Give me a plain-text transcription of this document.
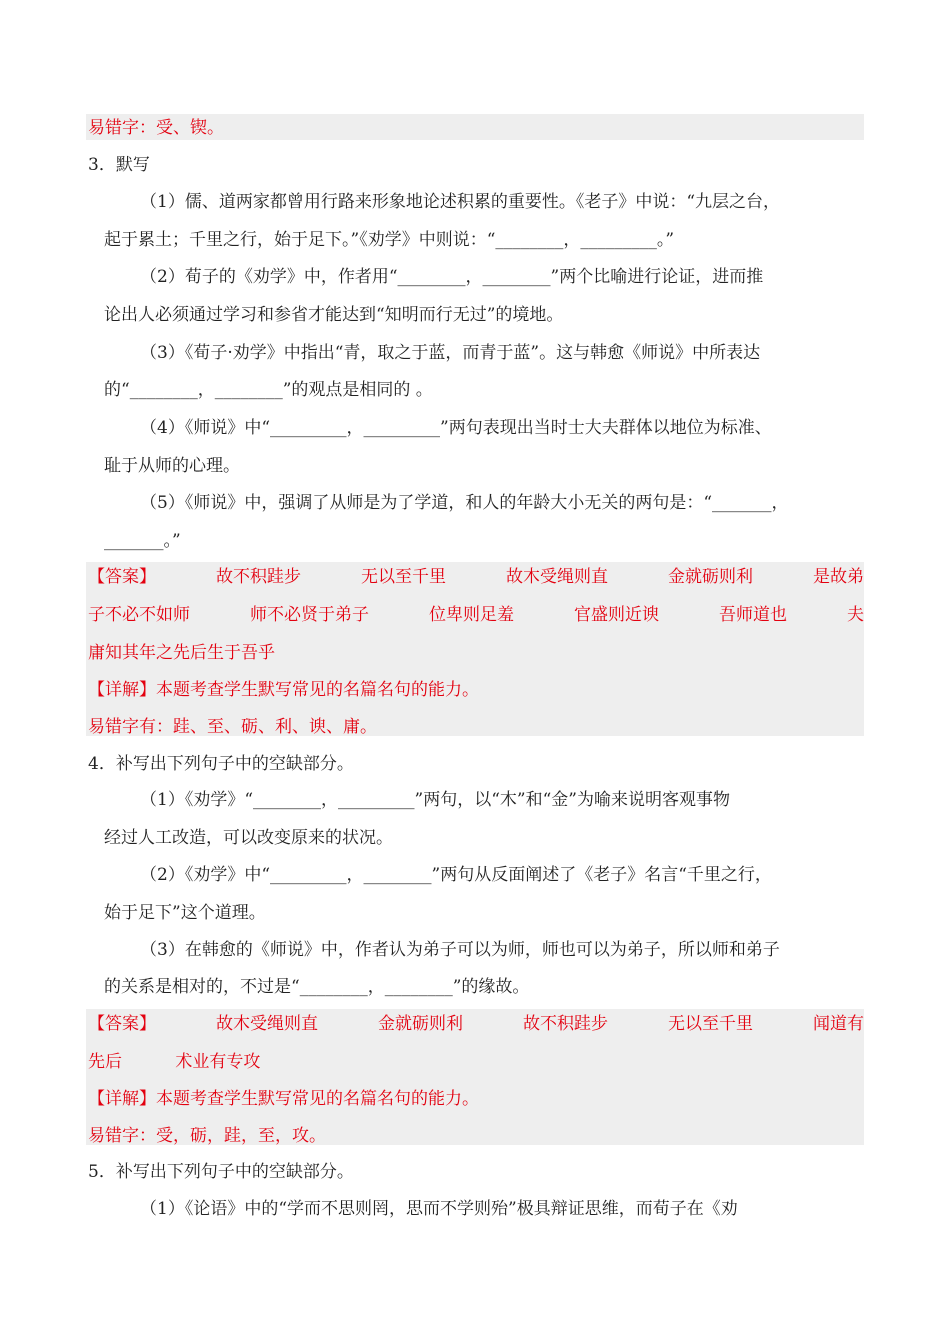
易错字：受、锲。
3．默写
（1）儒、道两家都曾用行路来形象地论述积累的重要性。《老子》中说：“九层之台，
起于累土；千里之行，始于足下。”《劝学》中则说：“________，_________。”
（2）荀子的《劝学》中，作者用“________，________”两个比喻进行论证，进而推
论出人必须通过学习和参省才能达到“知明而行无过”的境地。
（3）《荀子·劝学》中指出“青，取之于蓝，而青于蓝”。这与韩愈《师说》中所表达
的“________，________”的观点是相同的 。
（4）《师说》中“_________，_________”两句表现出当时士大夫群体以地位为标准、
耻于从师的心理。
（5）《师说》中，强调了从师是为了学道，和人的年龄大小无关的两句是：“_______，
_______。”
【答案】	故不积跬步	无以至千里	故木受绳则直	金就砺则利	是故弟
子不必不如师	师不必贤于弟子	位卑则足羞	官盛则近谀	吾师道也	夫
庸知其年之先后生于吾乎
【详解】本题考查学生默写常见的名篇名句的能力。
易错字有：跬、至、砺、利、谀、庸。
4．补写出下列句子中的空缺部分。
（1）《劝学》“________，_________”两句，以“木”和“金”为喻来说明客观事物
经过人工改造，可以改变原来的状况。
（2）《劝学》中“_________，________”两句从反面阐述了《老子》名言“千里之行，
始于足下”这个道理。
（3）在韩愈的《师说》中，作者认为弟子可以为师，师也可以为弟子，所以师和弟子
的关系是相对的，不过是“________，________”的缘故。
【答案】	故木受绳则直	金就砺则利	故不积跬步	无以至千里	闻道有
先后	术业有专攻
【详解】本题考查学生默写常见的名篇名句的能力。
易错字：受，砺，跬，至，攻。
5．补写出下列句子中的空缺部分。
（1）《论语》中的“学而不思则罔，思而不学则殆”极具辩证思维，而荀子在《劝
